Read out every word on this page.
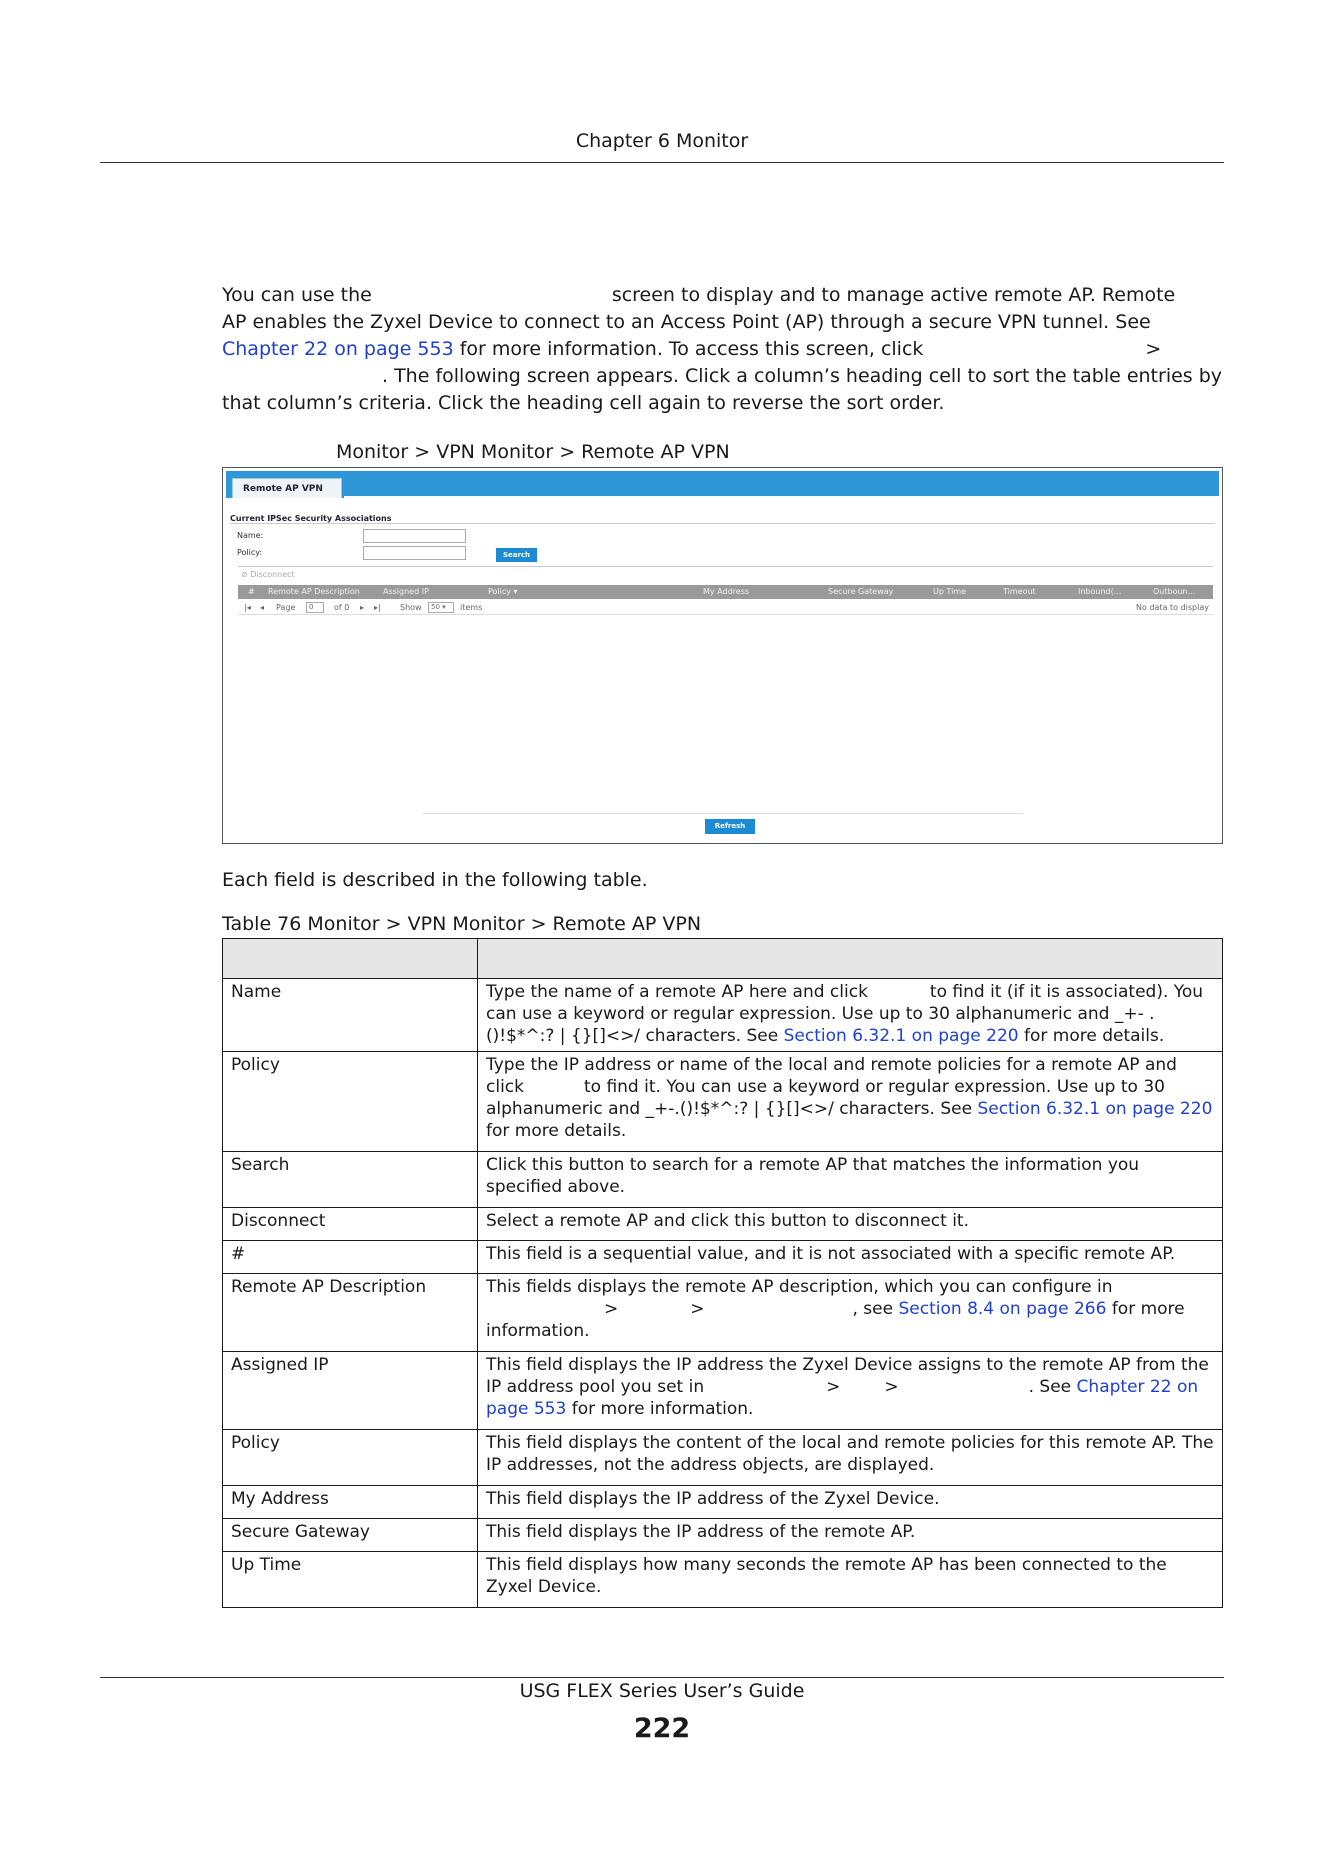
Chapter 6 Monitor
You can use the	screen to display and to manage active remote AP. Remote
AP enables the Zyxel Device to connect to an Access Point (AP) through a secure VPN tunnel. See
Chapter 22 on page 553 for more information. To access this screen, click	>
. The following screen appears. Click a column’s heading cell to sort the table entries by
that column’s criteria. Click the heading cell again to reverse the sort order.
Monitor > VPN Monitor > Remote AP VPN
Remote AP VPN
Current IPSec Security Associations
Name:
Policy:	Search
⊘ Disconnect
# Remote AP Description	Assigned IP	Policy ▾	My Address	Secure Gateway	Up Time	Timeout	Inbound(...	Outboun...
|◂ ◂ Page	0	of 0 ▸ ▸| Show	50 ▾	items	No data to display
Refresh
Each field is described in the following table.
Table 76 Monitor > VPN Monitor > Remote AP VPN

Name	Type the name of a remote AP here and click to find it (if it is associated). You can use a keyword or regular expression. Use up to 30 alphanumeric and _+- .()!$*^:? | {}[]<>/ characters. See Section 6.32.1 on page 220 for more details.
Policy	Type the IP address or name of the local and remote policies for a remote AP and click to find it. You can use a keyword or regular expression. Use up to 30 alphanumeric and _+-.()!$*^:? | {}[]<>/ characters. See Section 6.32.1 on page 220 for more details.
Search	Click this button to search for a remote AP that matches the information you specified above.
Disconnect	Select a remote AP and click this button to disconnect it.
#	This field is a sequential value, and it is not associated with a specific remote AP.
Remote AP Description	This fields displays the remote AP description, which you can configure in
> > , see Section 8.4 on page 266 for more information.
Assigned IP	This field displays the IP address the Zyxel Device assigns to the remote AP from the IP address pool you set in > > . See Chapter 22 on page 553 for more information.
Policy	This field displays the content of the local and remote policies for this remote AP. The IP addresses, not the address objects, are displayed.
My Address	This field displays the IP address of the Zyxel Device.
Secure Gateway	This field displays the IP address of the remote AP.
Up Time	This field displays how many seconds the remote AP has been connected to the Zyxel Device.
USG FLEX Series User’s Guide
222
